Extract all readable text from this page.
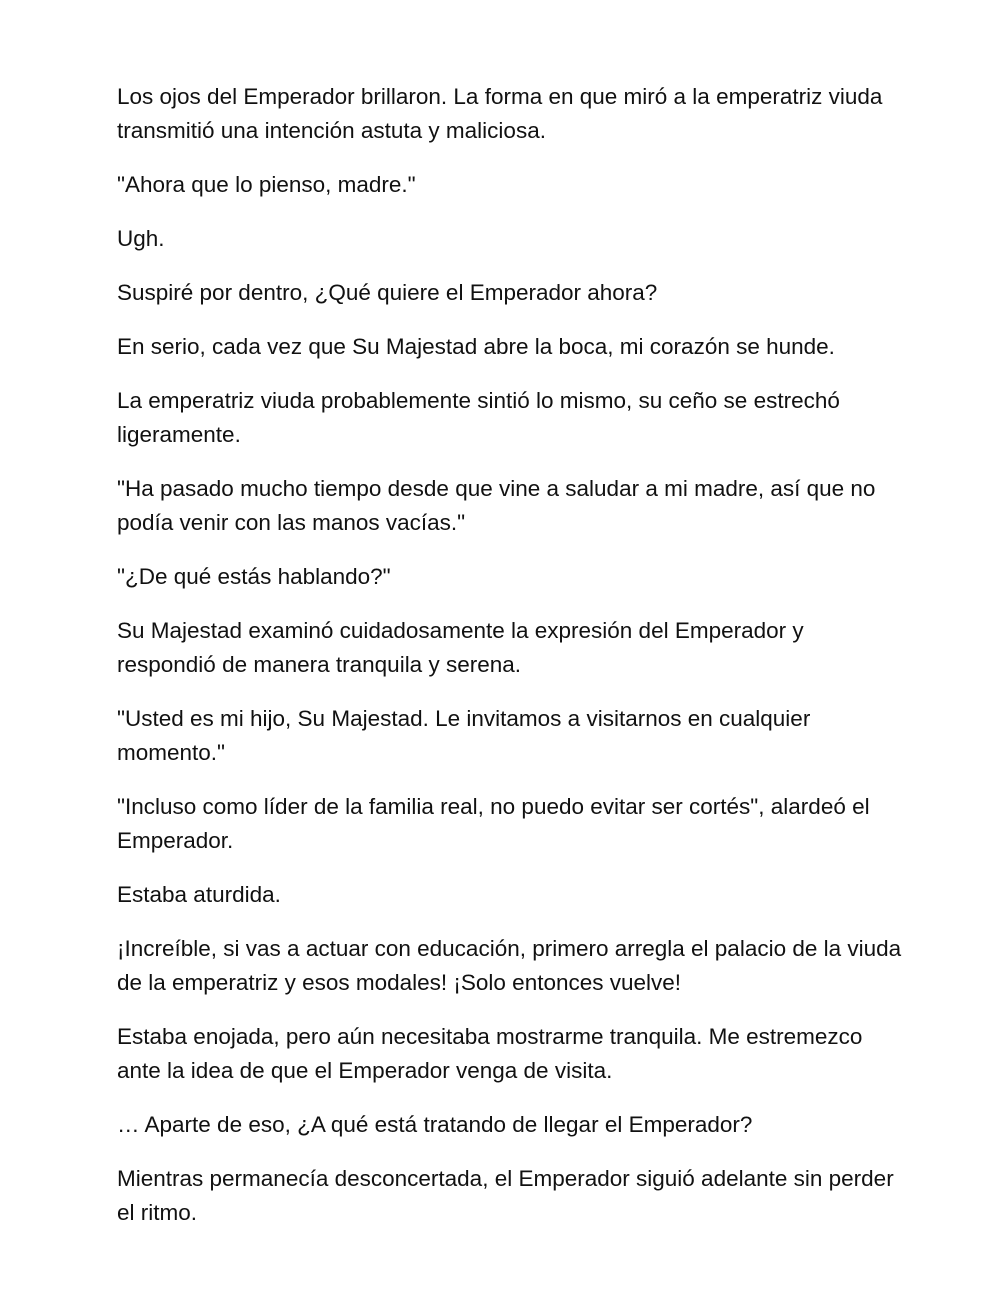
Los ojos del Emperador brillaron. La forma en que miró a la emperatriz viuda transmitió una intención astuta y maliciosa.

"Ahora que lo pienso, madre."

Ugh.

Suspiré por dentro, ¿Qué quiere el Emperador ahora?

En serio, cada vez que Su Majestad abre la boca, mi corazón se hunde.

La emperatriz viuda probablemente sintió lo mismo, su ceño se estrechó ligeramente.

"Ha pasado mucho tiempo desde que vine a saludar a mi madre, así que no podía venir con las manos vacías."

"¿De qué estás hablando?"

Su Majestad examinó cuidadosamente la expresión del Emperador y respondió de manera tranquila y serena.

"Usted es mi hijo, Su Majestad. Le invitamos a visitarnos en cualquier momento."

"Incluso como líder de la familia real, no puedo evitar ser cortés", alardeó el Emperador.

Estaba aturdida.

¡Increíble, si vas a actuar con educación, primero arregla el palacio de la viuda de la emperatriz y esos modales! ¡Solo entonces vuelve!

Estaba enojada, pero aún necesitaba mostrarme tranquila. Me estremezco ante la idea de que el Emperador venga de visita.

… Aparte de eso, ¿A qué está tratando de llegar el Emperador?

Mientras permanecía desconcertada, el Emperador siguió adelante sin perder el ritmo.
